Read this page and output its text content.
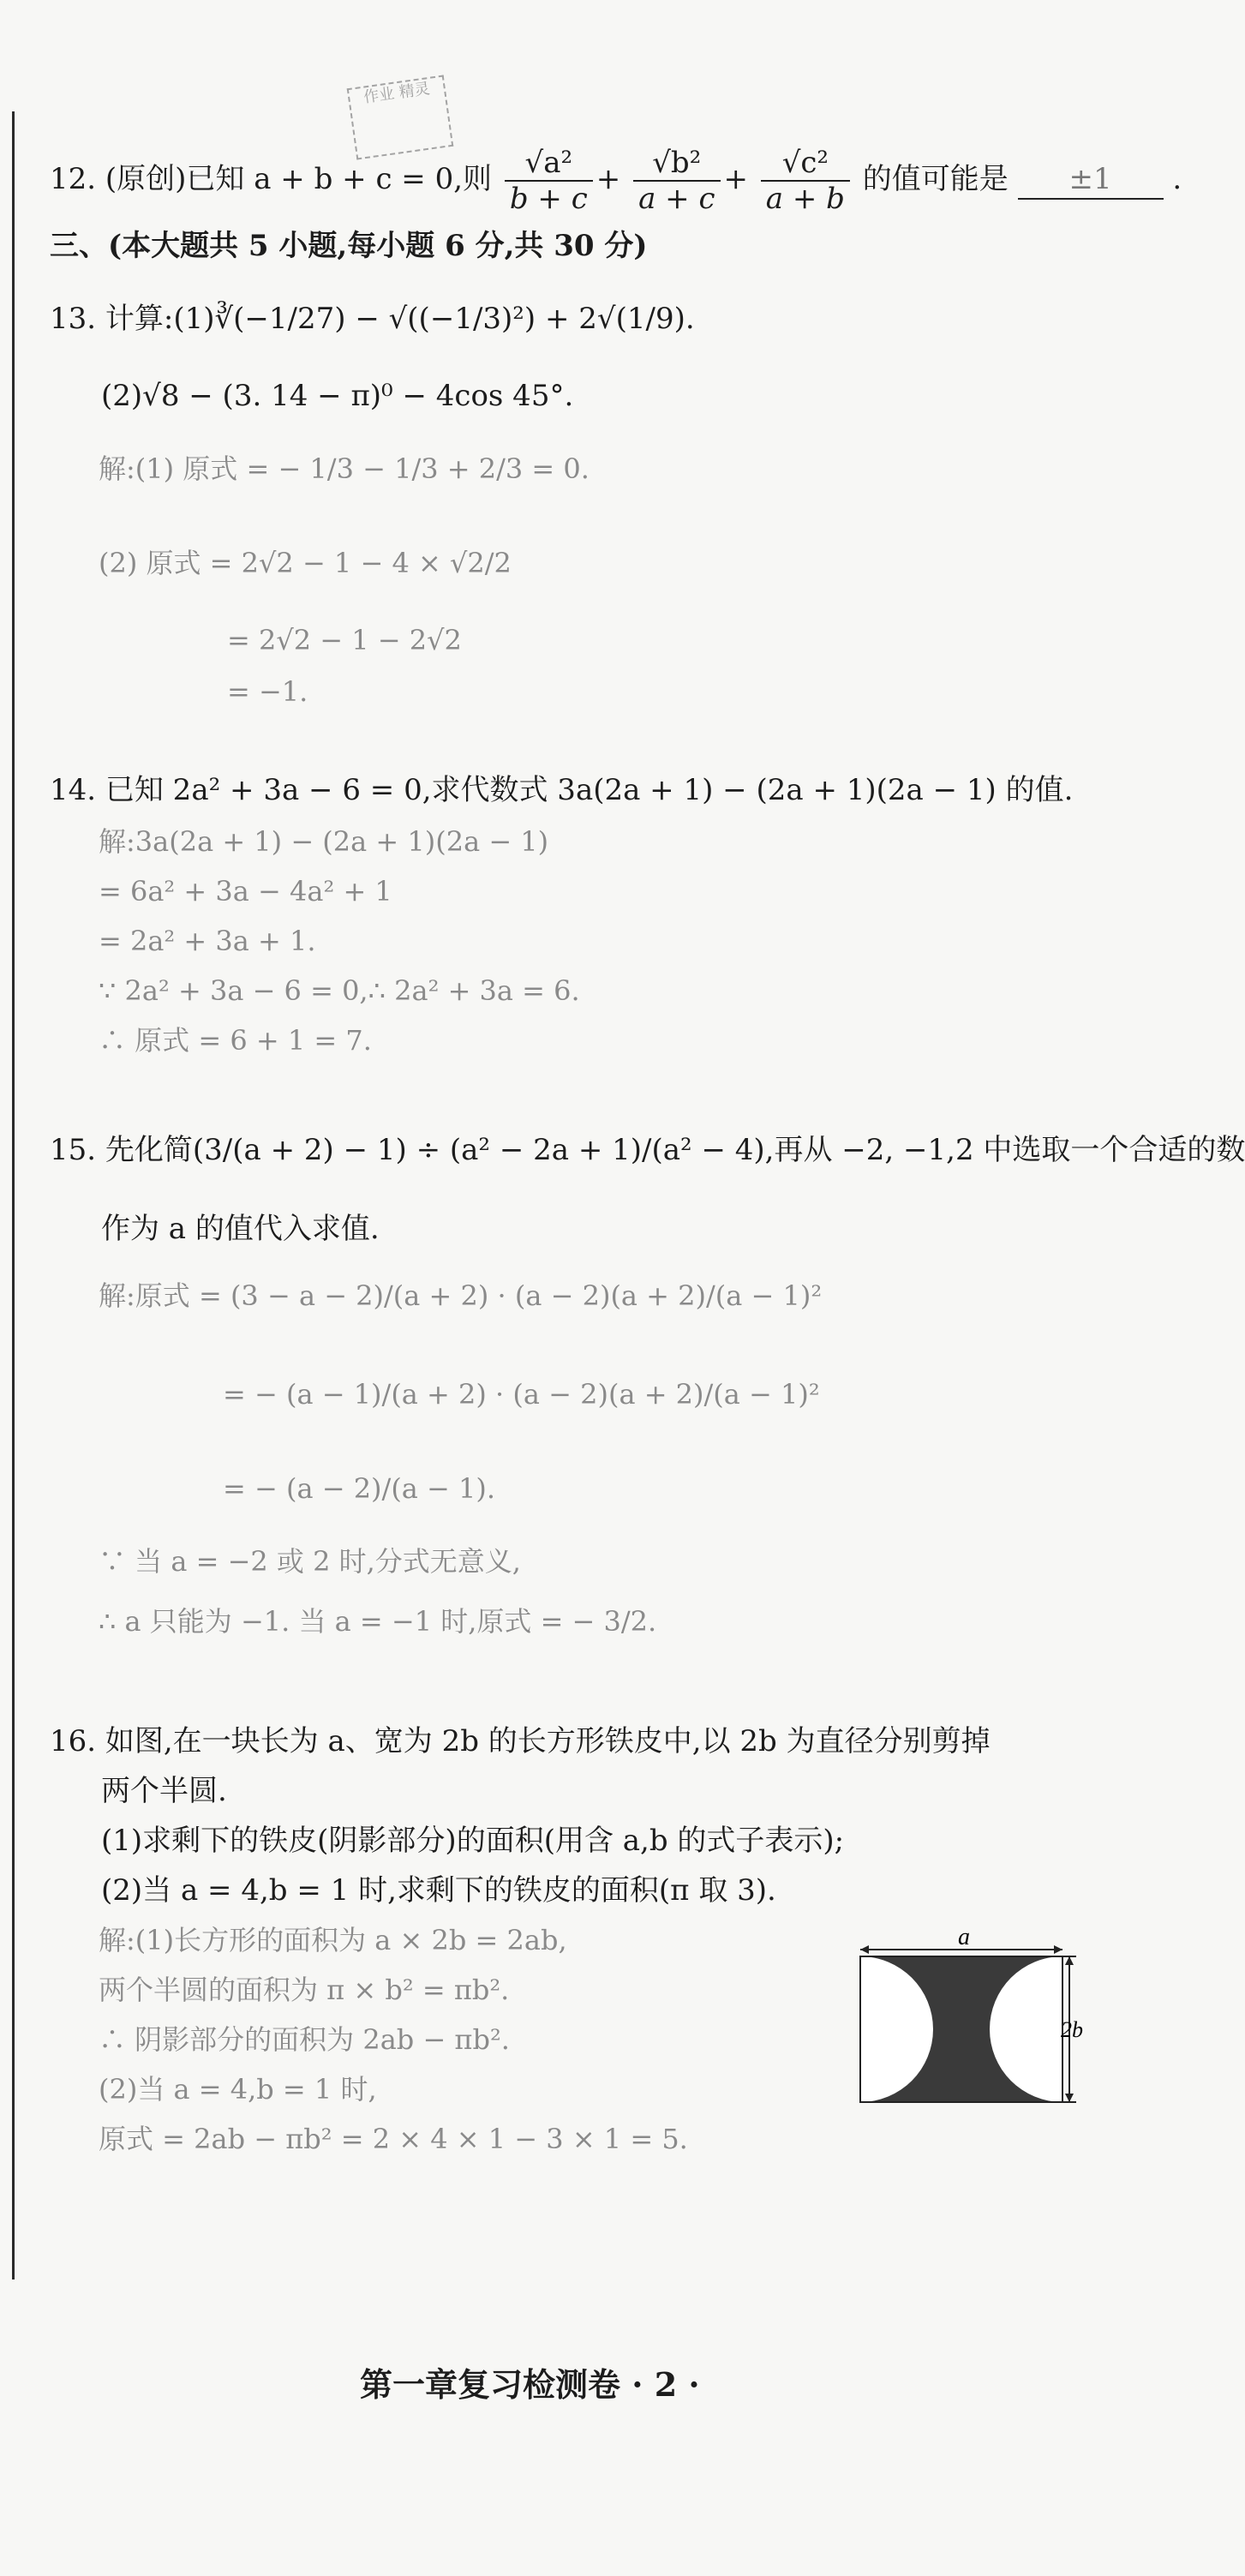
作业 精灵
12. (原创)已知 a + b + c = 0,则 $\frac{\text{√a²}}{b + c} + \frac{\text{√b²}}{a + c} + \frac{\text{√c²}}{a + b}$ 的值可能是 ±1 .
三、(本大题共 5 小题,每小题 6 分,共 30 分)
13. 计算:(1)∛(−1/27) − √((−1/3)²) + 2√(1/9).
(2)√8 − (3. 14 − π)⁰ − 4cos 45°.
解:(1) 原式 = − 1/3 − 1/3 + 2/3 = 0.
(2) 原式 = 2√2 − 1 − 4 × √2/2
= 2√2 − 1 − 2√2
= −1.
14. 已知 2a² + 3a − 6 = 0,求代数式 3a(2a + 1) − (2a + 1)(2a − 1) 的值.
解:3a(2a + 1) − (2a + 1)(2a − 1)
= 6a² + 3a − 4a² + 1
= 2a² + 3a + 1.
∵ 2a² + 3a − 6 = 0,∴ 2a² + 3a = 6.
∴ 原式 = 6 + 1 = 7.
15. 先化简(3/(a + 2) − 1) ÷ (a² − 2a + 1)/(a² − 4),再从 −2, −1,2 中选取一个合适的数
作为 a 的值代入求值.
解:原式 = (3 − a − 2)/(a + 2) · (a − 2)(a + 2)/(a − 1)²
= − (a − 1)/(a + 2) · (a − 2)(a + 2)/(a − 1)²
= − (a − 2)/(a − 1).
∵ 当 a = −2 或 2 时,分式无意义,
∴ a 只能为 −1. 当 a = −1 时,原式 = − 3/2.
16. 如图,在一块长为 a、宽为 2b 的长方形铁皮中,以 2b 为直径分别剪掉
两个半圆.
(1)求剩下的铁皮(阴影部分)的面积(用含 a,b 的式子表示);
(2)当 a = 4,b = 1 时,求剩下的铁皮的面积(π 取 3).
解:(1)长方形的面积为 a × 2b = 2ab,
两个半圆的面积为 π × b² = πb².
∴ 阴影部分的面积为 2ab − πb².
(2)当 a = 4,b = 1 时,
原式 = 2ab − πb² = 2 × 4 × 1 − 3 × 1 = 5.
a
2b
第一章复习检测卷 · 2 ·
